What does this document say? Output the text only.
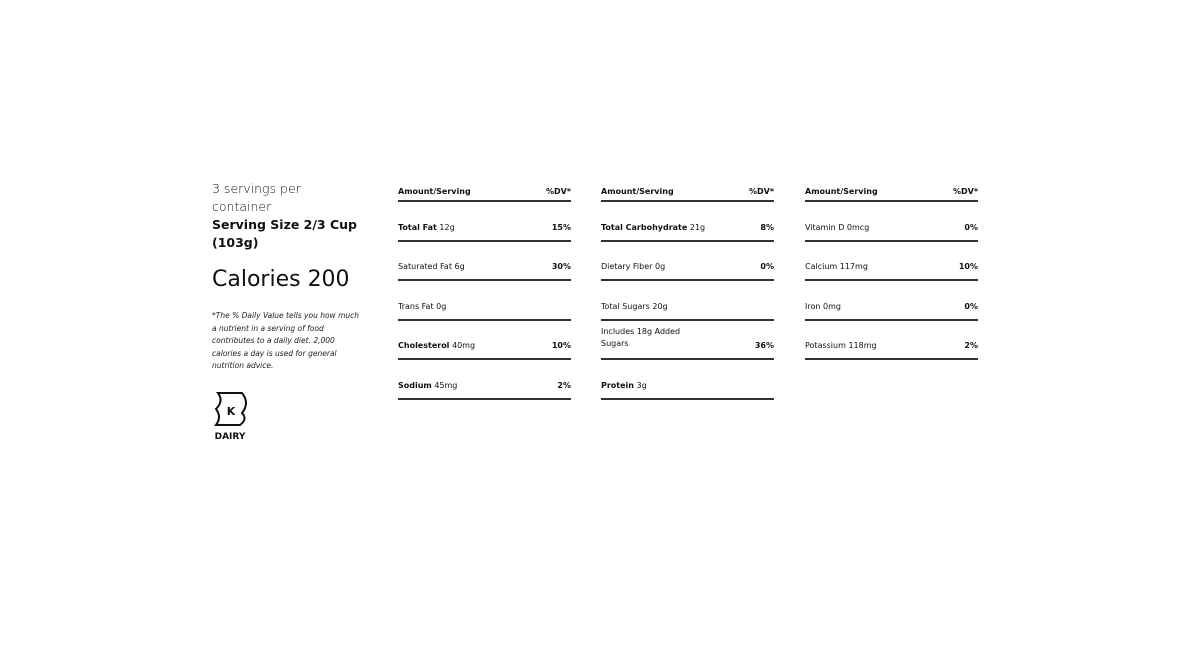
3 servings per container
Serving Size 2/3 Cup (103g)
Calories 200
*The % Daily Value tells you how much a nutrient in a serving of food contributes to a daily diet. 2,000 calories a day is used for general nutrition advice.
K
DAIRY
Amount/Serving	%DV*
Total Fat 12g	15%
Saturated Fat 6g	30%
Trans Fat 0g
Cholesterol 40mg	10%
Sodium 45mg	2%
Amount/Serving	%DV*
Total Carbohydrate 21g	8%
Dietary Fiber 0g	0%
Total Sugars 20g
Includes 18g Added
Sugars	36%
Protein 3g
Amount/Serving	%DV*
Vitamin D 0mcg	0%
Calcium 117mg	10%
Iron 0mg	0%
Potassium 118mg	2%
